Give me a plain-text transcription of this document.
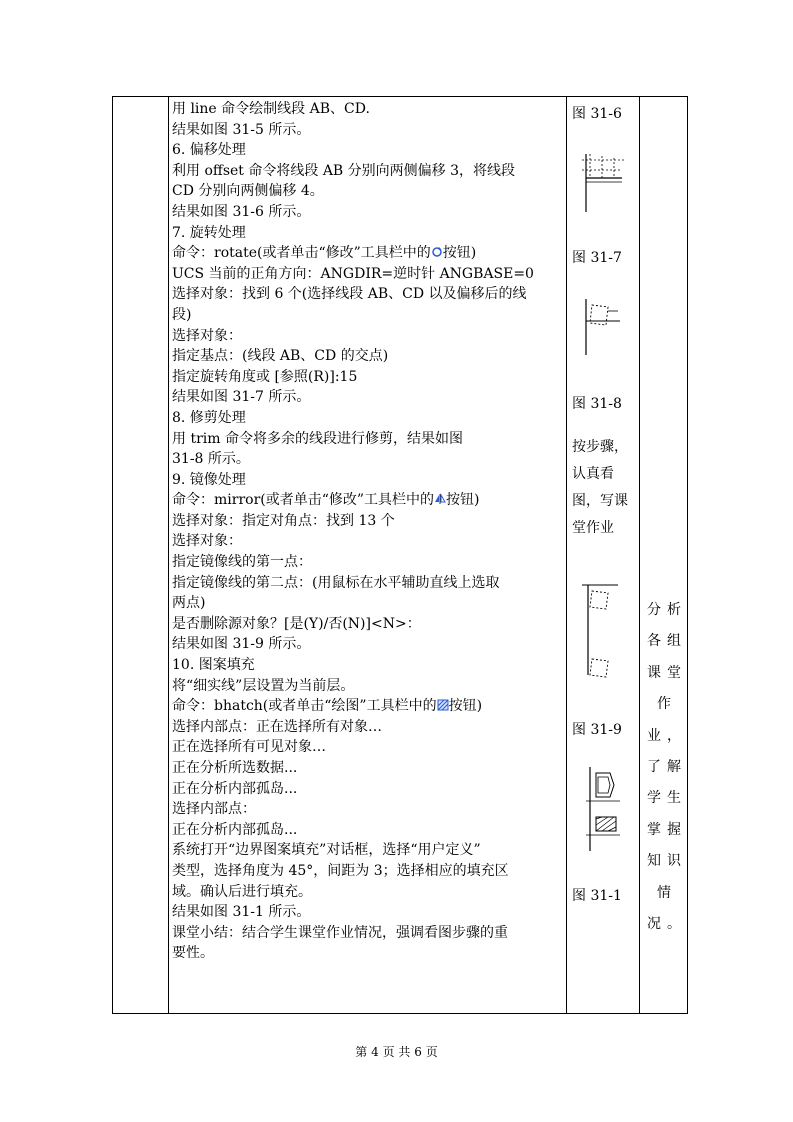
用 line 命令绘制线段 AB、CD.
结果如图 31-5 所示。
6. 偏移处理
利用 offset 命令将线段 AB 分别向两侧偏移 3，将线段
CD 分别向两侧偏移 4。
结果如图 31-6 所示。
7. 旋转处理
命令：rotate(或者单击“修改”工具栏中的 按钮)
UCS 当前的正角方向：ANGDIR=逆时针 ANGBASE=0
选择对象：找到 6 个(选择线段 AB、CD 以及偏移后的线
段)
选择对象：
指定基点：(线段 AB、CD 的交点)
指定旋转角度或 [参照(R)]:15
结果如图 31-7 所示。
8. 修剪处理
用 trim 命令将多余的线段进行修剪，结果如图
31-8 所示。
9. 镜像处理
命令：mirror(或者单击“修改”工具栏中的 按钮)
选择对象：指定对角点：找到 13 个
选择对象：
指定镜像线的第一点：
指定镜像线的第二点：(用鼠标在水平辅助直线上选取
两点)
是否删除源对象？[是(Y)/否(N)]<N>：
结果如图 31-9 所示。
10. 图案填充
将“细实线”层设置为当前层。
命令：bhatch(或者单击“绘图”工具栏中的 按钮)
选择内部点：正在选择所有对象…
正在选择所有可见对象…
正在分析所选数据...
正在分析内部孤岛...
选择内部点：
正在分析内部孤岛...
系统打开“边界图案填充”对话框，选择“用户定义”
类型，选择角度为 45°，间距为 3；选择相应的填充区
域。确认后进行填充。
结果如图 31-1 所示。
课堂小结：结合学生课堂作业情况，强调看图步骤的重
要性。
图 31-6
图 31-7
图 31-8
按步骤，认真看图，写课堂作业
图 31-9
图 31-1
分析
各组
课堂
作
业，
了解
学生
掌握
知识
情
况。
第 4 页 共 6 页
